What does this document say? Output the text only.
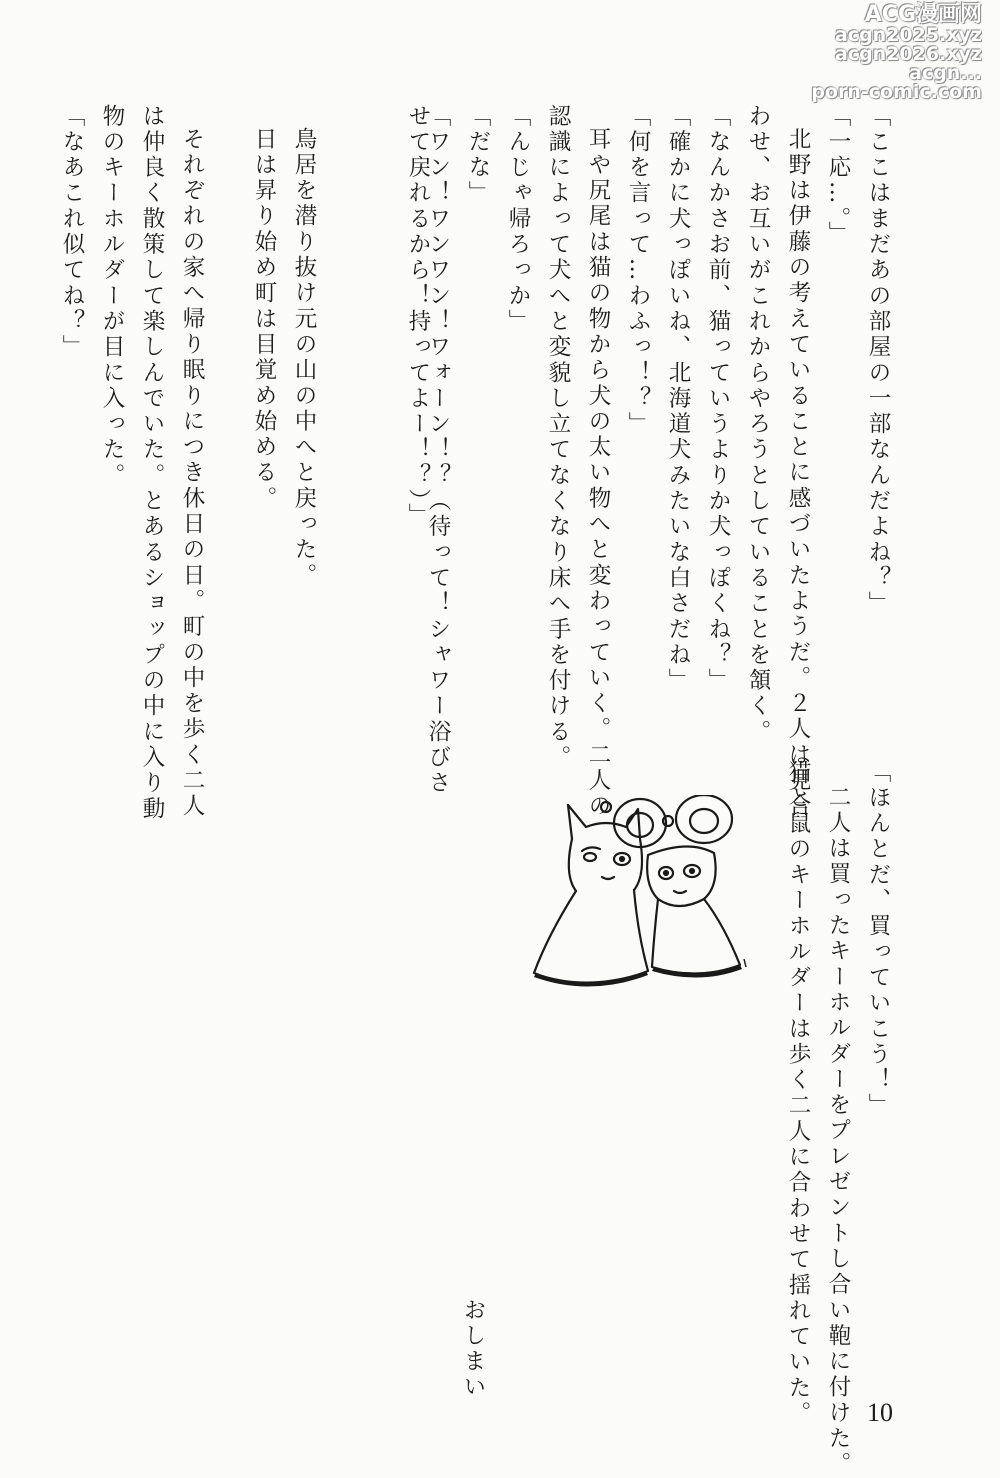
ACG漫画网
acgn2025.xyz
acgn2026.xyz
acgn...
porn-comic.com
「ここはまだあの部屋の一部なんだよね？」
「一応…。」
北野は伊藤の考えていることに感づいたようだ。２人は見合
わせ、お互いがこれからやろうとしていることを頷く。
「なんかさお前、猫っていうよりか犬っぽくね？」
「確かに犬っぽいね、北海道犬みたいな白さだね」
「何を言って…わふっ！？」
耳や尻尾は猫の物から犬の太い物へと変わっていく。二人の
認識によって犬へと変貌し立てなくなり床へ手を付ける。
「んじゃ帰ろっか」
「だな」
「ワン！ワンワン！ワォーン！？（待って！シャワー浴びさ
せて戻れるから！持ってよー！？）」
鳥居を潜り抜け元の山の中へと戻った。
日は昇り始め町は目覚め始める。
それぞれの家へ帰り眠りにつき休日の日。町の中を歩く二人
は仲良く散策して楽しんでいた。とあるショップの中に入り動
物のキーホルダーが目に入った。
「なあこれ似てね？」
「ほんとだ、買っていこう！」
二人は買ったキーホルダーをプレゼントし合い鞄に付けた。
猫と鼠のキーホルダーは歩く二人に合わせて揺れていた。
おしまい
10
